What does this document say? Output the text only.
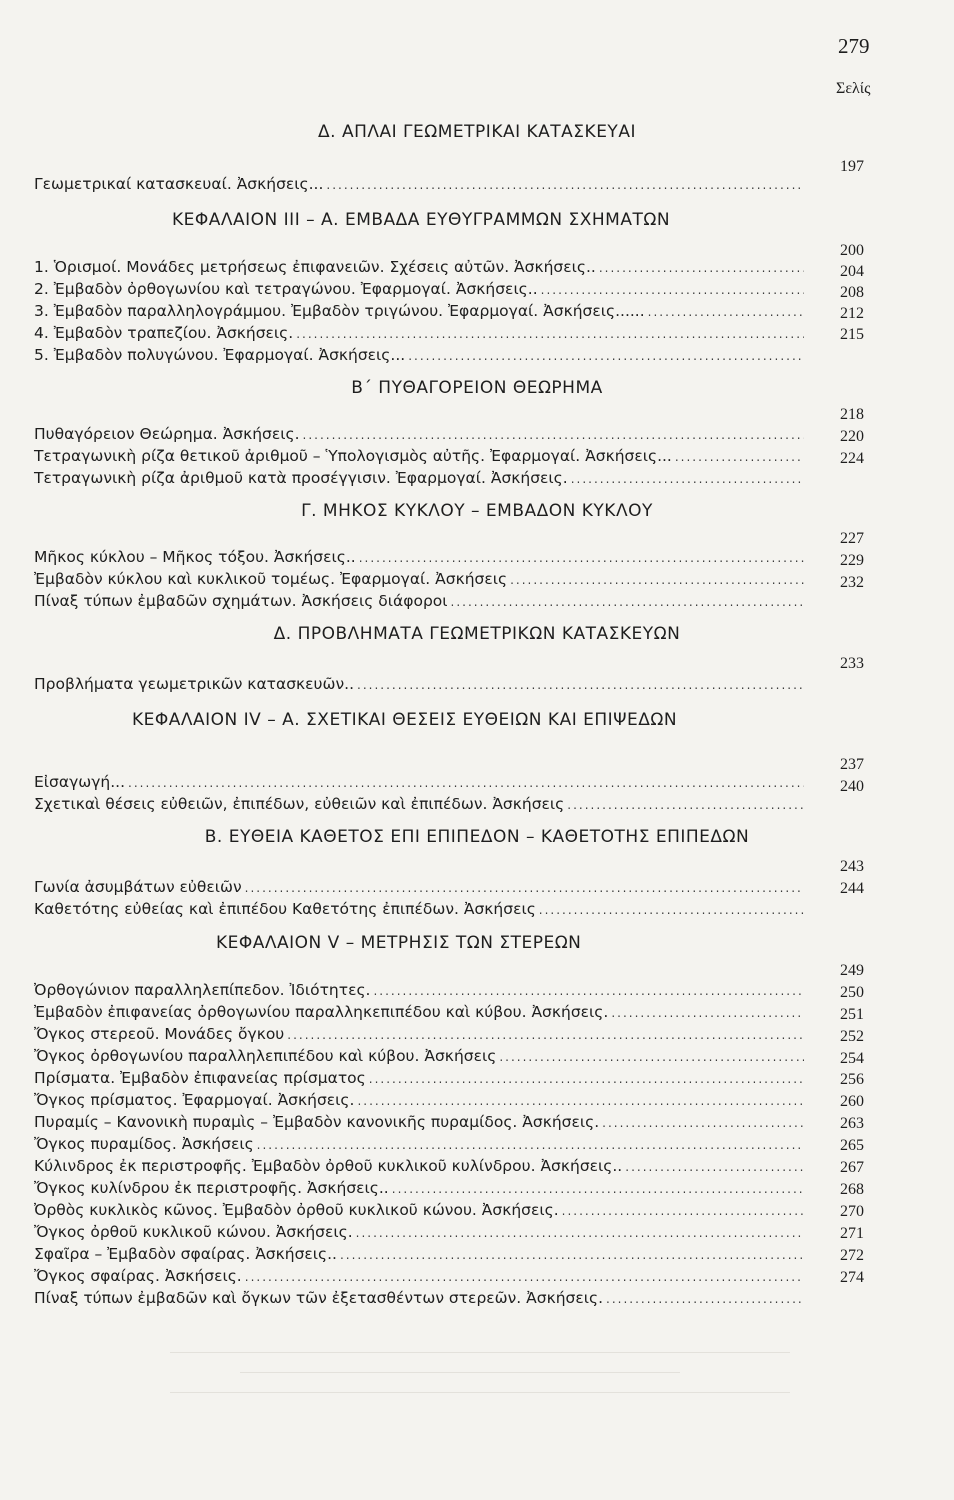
279
Σελίς
Δ. ΑΠΛΑΙ ΓΕΩΜΕΤΡΙΚΑΙ ΚΑΤΑΣΚΕΥΑΙ
Γεωμετρικαί κατασκευαί. Ἀσκήσεις...
.....
197
ΚΕΦΑΛΑΙΟΝ III – Α. ΕΜΒΑΔΑ ΕΥΘΥΓΡΑΜΜΩΝ ΣΧΗΜΑΤΩΝ
1. Ὁρισμοί. Μονάδες μετρήσεως ἐπιφανειῶν. Σχέσεις αὐτῶν. Ἀσκήσεις..
.....
2. Ἐμβαδὸν ὀρθογωνίου καὶ τετραγώνου. Ἐφαρμογαί. Ἀσκήσεις..
.....
3. Ἐμβαδὸν παραλληλογράμμου. Ἐμβαδὸν τριγώνου. Ἐφαρμογαί. Ἀσκήσεις......
.....
4. Ἐμβαδὸν τραπεζίου. Ἀσκήσεις.
.....
5. Ἐμβαδὸν πολυγώνου. Ἐφαρμογαί. Ἀσκήσεις...
.....
200
204
208
212
215
Β΄ ΠΥΘΑΓΟΡΕΙΟΝ ΘΕΩΡΗΜΑ
Πυθαγόρειον Θεώρημα. Ἀσκήσεις.
.....
Τετραγωνικὴ ρίζα θετικοῦ ἀριθμοῦ – Ὑπολογισμὸς αὐτῆς. Ἐφαρμογαί. Ἀσκήσεις...
.....
Τετραγωνικὴ ρίζα ἀριθμοῦ κατὰ προσέγγισιν. Ἐφαρμογαί. Ἀσκήσεις.
.....
218
220
224
Γ. ΜΗΚΟΣ ΚΥΚΛΟΥ – ΕΜΒΑΔΟΝ ΚΥΚΛΟΥ
Μῆκος κύκλου – Μῆκος τόξου. Ἀσκήσεις..
.....
Ἐμβαδὸν κύκλου καὶ κυκλικοῦ τομέως. Ἐφαρμογαί. Ἀσκήσεις
.....
Πίναξ τύπων ἐμβαδῶν σχημάτων. Ἀσκήσεις διάφοροι
.....
227
229
232
Δ. ΠΡΟΒΛΗΜΑΤΑ ΓΕΩΜΕΤΡΙΚΩΝ ΚΑΤΑΣΚΕΥΩΝ
Προβλήματα γεωμετρικῶν κατασκευῶν..
.....
233
ΚΕΦΑΛΑΙΟΝ IV – Α. ΣΧΕΤΙΚΑΙ ΘΕΣΕΙΣ ΕΥΘΕΙΩΝ ΚΑΙ ΕΠΙΨΕΔΩΝ
Εἰσαγωγή...
.....
Σχετικαὶ θέσεις εὐθειῶν, ἐπιπέδων, εὐθειῶν καὶ ἐπιπέδων. Ἀσκήσεις
.....
237
240
Β. ΕΥΘΕΙΑ ΚΑΘΕΤΟΣ ΕΠΙ ΕΠΙΠΕΔΟΝ – ΚΑΘΕΤΟΤΗΣ ΕΠΙΠΕΔΩΝ
Γωνία ἀσυμβάτων εὐθειῶν
.....
Καθετότης εὐθείας καὶ ἐπιπέδου Καθετότης ἐπιπέδων. Ἀσκήσεις
.....
243
244
ΚΕΦΑΛΑΙΟΝ V – ΜΕΤΡΗΣΙΣ ΤΩΝ ΣΤΕΡΕΩΝ
Ὀρθογώνιον παραλληλεπίπεδον. Ἰδιότητες.
.....
Ἐμβαδὸν ἐπιφανείας ὀρθογωνίου παραλληκεπιπέδου καὶ κύβου. Ἀσκήσεις.
.....
Ὄγκος στερεοῦ. Μονάδες ὄγκου
.....
Ὄγκος ὀρθογωνίου παραλληλεπιπέδου καὶ κύβου. Ἀσκήσεις
.....
Πρίσματα. Ἐμβαδὸν ἐπιφανείας πρίσματος
.....
Ὄγκος πρίσματος. Ἐφαρμογαί. Ἀσκήσεις.
.....
Πυραμίς – Κανονικὴ πυραμὶς – Ἐμβαδὸν κανονικῆς πυραμίδος. Ἀσκήσεις.
.....
Ὄγκος πυραμίδος. Ἀσκήσεις
.....
Κύλινδρος ἐκ περιστροφῆς. Ἐμβαδὸν ὀρθοῦ κυκλικοῦ κυλίνδρου. Ἀσκήσεις..
.....
Ὄγκος κυλίνδρου ἐκ περιστροφῆς. Ἀσκήσεις..
.....
Ὀρθὸς κυκλικὸς κῶνος. Ἐμβαδὸν ὀρθοῦ κυκλικοῦ κώνου. Ἀσκήσεις.
.....
Ὄγκος ὀρθοῦ κυκλικοῦ κώνου. Ἀσκήσεις.
.....
Σφαῖρα – Ἐμβαδὸν σφαίρας. Ἀσκήσεις..
.....
Ὄγκος σφαίρας. Ἀσκήσεις.
.....
Πίναξ τύπων ἐμβαδῶν καὶ ὄγκων τῶν ἐξετασθέντων στερεῶν. Ἀσκήσεις.
.....
249
250
251
252
254
256
260
263
265
267
268
270
271
272
274
